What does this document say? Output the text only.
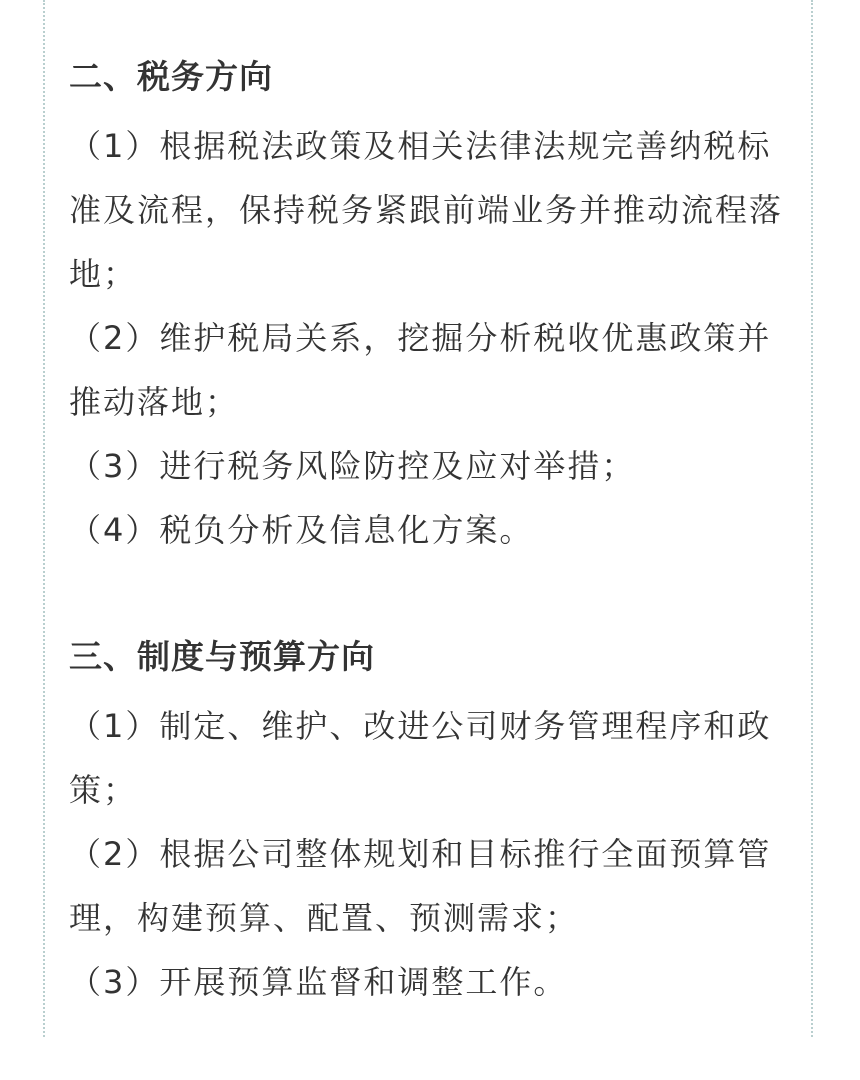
二、税务方向

（1）根据税法政策及相关法律法规完善纳税标准及流程，保持税务紧跟前端业务并推动流程落地；

（2）维护税局关系，挖掘分析税收优惠政策并推动落地；

（3）进行税务风险防控及应对举措；

（4）税负分析及信息化方案。

三、制度与预算方向

（1）制定、维护、改进公司财务管理程序和政策；

（2）根据公司整体规划和目标推行全面预算管理，构建预算、配置、预测需求；

（3）开展预算监督和调整工作。
